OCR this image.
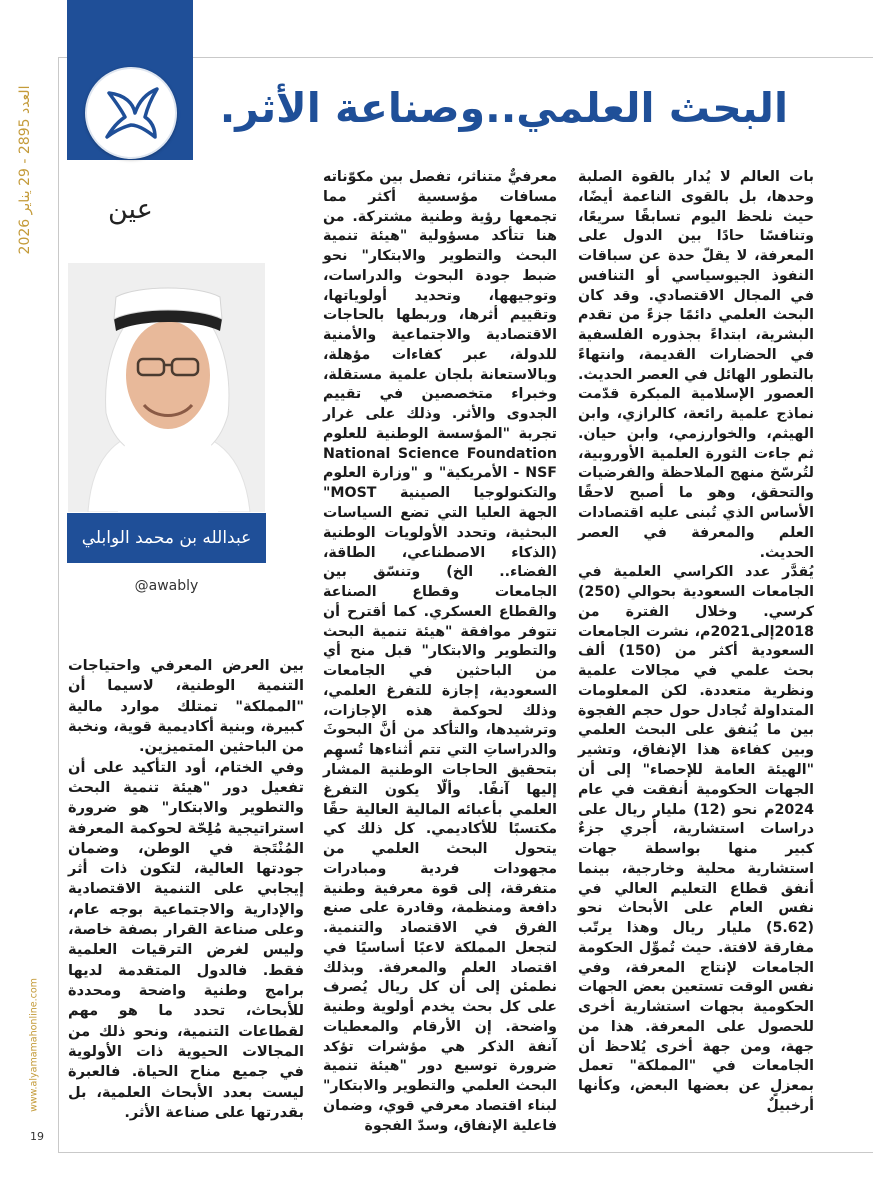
العدد 2895 - 29 يناير 2026
www.alyamamahonline.com
19
البحث العلمي..وصناعة الأثر.
عين
عبدالله بن محمد الوابلي
@awably

بات العالم لا يُدار بالقوة الصلبة وحدها، بل بالقوى الناعمة أيضًا، حيث نلحظ اليوم تسابقًا سريعًا، وتنافسًا حادًا بين الدول على المعرفة، لا يقلّ حدة عن سباقات النفوذ الجيوسياسي أو التنافس في المجال الاقتصادي. وقد كان البحث العلمي دائمًا جزءً من تقدم البشرية، ابتداءً بجذوره الفلسفية في الحضارات القديمة، وانتهاءً بالتطور الهائل في العصر الحديث. العصور الإسلامية المبكرة قدّمت نماذج علمية رائعة، كالرازي، وابن الهيثم، والخوارزمي، وابن حيان. ثم جاءت الثورة العلمية الأوروبية، لتُرسّخ منهج الملاحظة والفرضيات والتحقق، وهو ما أصبح لاحقًا الأساس الذي تُبنى عليه اقتصادات العلم والمعرفة في العصر الحديث.

يُقدَّر عدد الكراسي العلمية في الجامعات السعودية بحوالي (250) كرسي. وخلال الفترة من 2018إلى2021م، نشرت الجامعات السعودية أكثر من (150) ألف بحث علمي في مجالات علمية ونظرية متعددة. لكن المعلومات المتداولة تُجادل حول حجم الفجوة بين ما يُنفق على البحث العلمي وبين كفاءة هذا الإنفاق، وتشير "الهيئة العامة للإحصاء" إلى أن الجهات الحكومية أنفقت في عام 2024م نحو (12) مليار ريال على دراسات استشارية، أُجري جزءٌ كبير منها بواسطة جهات استشارية محلية وخارجية، بينما أنفق قطاع التعليم العالي في نفس العام على الأبحاث نحو (5.62) مليار ريال وهذا يرتّب مفارقة لافتة. حيث تُموِّل الحكومة الجامعات لإنتاج المعرفة، وفي نفس الوقت تستعين بعض الجهات الحكومية بجهات استشارية أخرى للحصول على المعرفة. هذا من جهة، ومن جهة أخرى يُلاحظ أن الجامعات في "المملكة" تعمل بمعزلٍ عن بعضها البعض، وكأنها أرخبيلٌ

معرفيٌّ متناثر، تفصل بين مكوّناته مسافات مؤسسية أكثر مما تجمعها رؤية وطنية مشتركة. من هنا تتأكد مسؤولية "هيئة تنمية البحث والتطوير والابتكار" نحو ضبط جودة البحوث والدراسات، وتوجيهها، وتحديد أولوياتها، وتقييم أثرها، وربطها بالحاجات الاقتصادية والاجتماعية والأمنية للدولة، عبر كفاءات مؤهلة، وبالاستعانة بلجان علمية مستقلة، وخبراء متخصصين في تقييم الجدوى والأثر. وذلك على غرار تجربة "المؤسسة الوطنية للعلوم National Science Foundation - NSF الأمريكية" و "وزارة العلوم والتكنولوجيا الصينية MOST" الجهة العليا التي تضع السياسات البحثية، وتحدد الأولويات الوطنية (الذكاء الاصطناعي، الطاقة، الفضاء.. الخ) وتنسّق بين الجامعات وقطاع الصناعة والقطاع العسكري. كما أقترح أن تتوفر موافقة "هيئة تنمية البحث والتطوير والابتكار" قبل منح أي من الباحثين في الجامعات السعودية، إجازة للتفرغ العلمي، وذلك لحوكمة هذه الإجازات، وترشيدها، والتأكد من أنَّ البحوثَ والدراساتِ التي تتم أثناءها تُسهِم بتحقيق الحاجات الوطنية المشار إليها آنفًا. وألّا يكون التفرغ العلمي بأعبائه المالية العالية حقًا مكتسبًا للأكاديمي. كل ذلك كي يتحول البحث العلمي من مجهودات فردية ومبادرات متفرقة، إلى قوة معرفية وطنية دافعة ومنظمة، وقادرة على صنع الفرق في الاقتصاد والتنمية. لتجعل المملكة لاعبًا أساسيًا في اقتصاد العلم والمعرفة. وبذلك نطمئن إلى أن كل ريال يُصرف على كل بحث يخدم أولوية وطنية واضحة. إن الأرقام والمعطيات آنفة الذكر هي مؤشرات تؤكد ضرورة توسيع دور "هيئة تنمية البحث العلمي والتطوير والابتكار" لبناء اقتصاد معرفي قوي، وضمان فاعلية الإنفاق، وسدّ الفجوة

بين العرض المعرفي واحتياجات التنمية الوطنية، لاسيما أن "المملكة" تمتلك موارد مالية كبيرة، وبنية أكاديمية قوية، ونخبة من الباحثين المتميزين.

وفي الختام، أود التأكيد على أن تفعيل دور "هيئة تنمية البحث والتطوير والابتكار" هو ضرورة استراتيجية مُلِحّة لحوكمة المعرفة المُنْتَجة في الوطن، وضمان جودتها العالية، لتكون ذات أثر إيجابي على التنمية الاقتصادية والإدارية والاجتماعية بوجه عام، وعلى صناعة القرار بصفة خاصة، وليس لغرض الترقيات العلمية فقط. فالدول المتقدمة لديها برامج وطنية واضحة ومحددة للأبحاث، تحدد ما هو مهم لقطاعات التنمية، ونحو ذلك من المجالات الحيوية ذات الأولوية في جميع مناح الحياة. فالعبرة ليست بعدد الأبحاث العلمية، بل بقدرتها على صناعة الأثر.
